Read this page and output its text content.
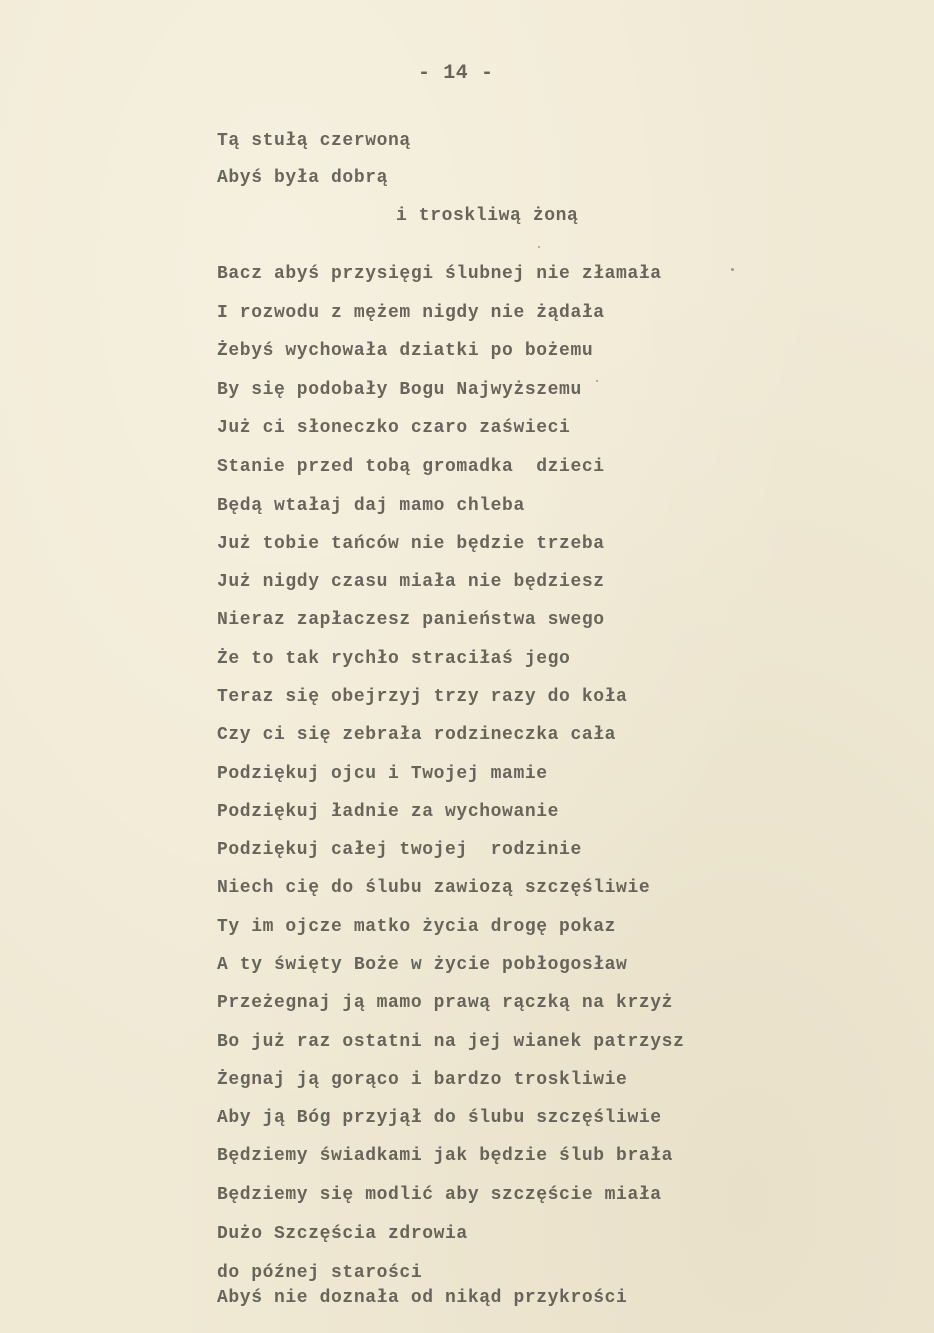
- 14 -
Tą stułą czerwoną
Abyś była dobrą
i troskliwą żoną
Bacz abyś przysięgi ślubnej nie złamała
I rozwodu z mężem nigdy nie żądała
Żebyś wychowała dziatki po bożemu
By się podobały Bogu Najwyższemu
Już ci słoneczko czaro zaświeci
Stanie przed tobą gromadka  dzieci
Będą wtałaj daj mamo chleba
Już tobie tańców nie będzie trzeba
Już nigdy czasu miała nie będziesz
Nieraz zapłaczesz panieństwa swego
Że to tak rychło straciłaś jego
Teraz się obejrzyj trzy razy do koła
Czy ci się zebrała rodzineczka cała
Podziękuj ojcu i Twojej mamie
Podziękuj ładnie za wychowanie
Podziękuj całej twojej  rodzinie
Niech cię do ślubu zawiozą szczęśliwie
Ty im ojcze matko życia drogę pokaz
A ty święty Boże w życie pobłogosław
Przeżegnaj ją mamo prawą rączką na krzyż
Bo już raz ostatni na jej wianek patrzysz
Żegnaj ją gorąco i bardzo troskliwie
Aby ją Bóg przyjął do ślubu szczęśliwie
Będziemy świadkami jak będzie ślub brała
Będziemy się modlić aby szczęście miała
Dużo Szczęścia zdrowia
do późnej starości
Abyś nie doznała od nikąd przykrości
